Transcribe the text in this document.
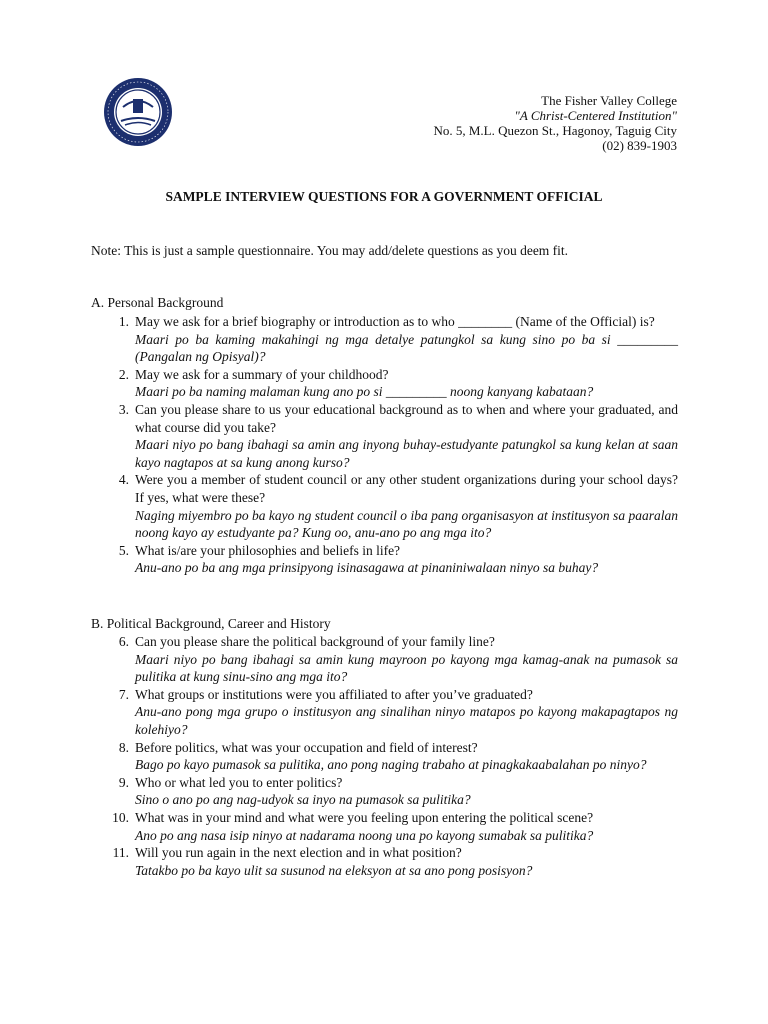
The Fisher Valley College
"A Christ-Centered Institution"
No. 5, M.L. Quezon St., Hagonoy, Taguig City
(02) 839-1903
SAMPLE INTERVIEW QUESTIONS FOR A GOVERNMENT OFFICIAL
Note: This is just a sample questionnaire. You may add/delete questions as you deem fit.
A. Personal Background
1. May we ask for a brief biography or introduction as to who ________ (Name of the Official) is?
Maari po ba kaming makahingi ng mga detalye patungkol sa kung sino po ba si _________ (Pangalan ng Opisyal)?
2. May we ask for a summary of your childhood?
Maari po ba naming malaman kung ano po si _________ noong kanyang kabataan?
3. Can you please share to us your educational background as to when and where your graduated, and what course did you take?
Maari niyo po bang ibahagi sa amin ang inyong buhay-estudyante patungkol sa kung kelan at saan kayo nagtapos at sa kung anong kurso?
4. Were you a member of student council or any other student organizations during your school days? If yes, what were these?
Naging miyembro po ba kayo ng student council o iba pang organisasyon at institusyon sa paaralan noong kayo ay estudyante pa? Kung oo, anu-ano po ang mga ito?
5. What is/are your philosophies and beliefs in life?
Anu-ano po ba ang mga prinsipyong isinasagawa at pinaniniwalaan ninyo sa buhay?
B. Political Background, Career and History
6. Can you please share the political background of your family line?
Maari niyo po bang ibahagi sa amin kung mayroon po kayong mga kamag-anak na pumasok sa pulitika at kung sinu-sino ang mga ito?
7. What groups or institutions were you affiliated to after you’ve graduated?
Anu-ano pong mga grupo o institusyon ang sinalihan ninyo matapos po kayong makapagtapos ng kolehiyo?
8. Before politics, what was your occupation and field of interest?
Bago po kayo pumasok sa pulitika, ano pong naging trabaho at pinagkakaabalahan po ninyo?
9. Who or what led you to enter politics?
Sino o ano po ang nag-udyok sa inyo na pumasok sa pulitika?
10. What was in your mind and what were you feeling upon entering the political scene?
Ano po ang nasa isip ninyo at nadarama noong una po kayong sumabak sa pulitika?
11. Will you run again in the next election and in what position?
Tatakbo po ba kayo ulit sa susunod na eleksyon at sa ano pong posisyon?
